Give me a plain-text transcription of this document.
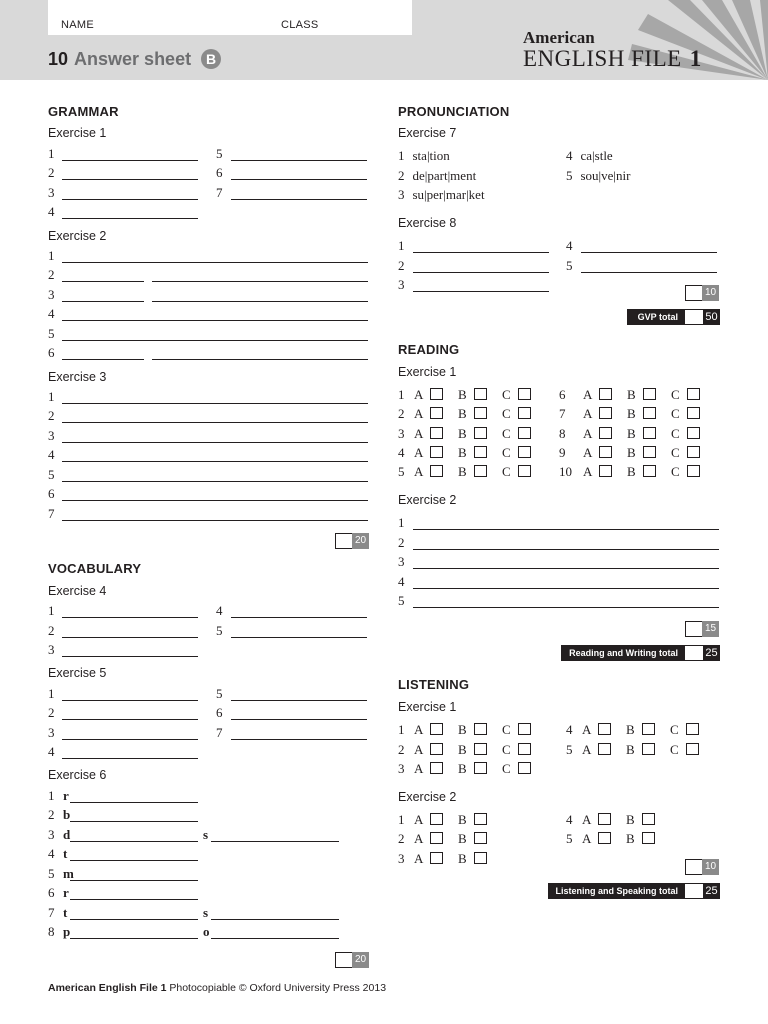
NAME	CLASS
10 Answer sheet B
American
ENGLISH FILE 1
GRAMMAR
Exercise 1
1
2
3
4
5
6
7
Exercise 2
1
2
3
4
5
6
Exercise 3
1
2
3
4
5
6
7
20
VOCABULARY
Exercise 4
1
2
3
4
5
Exercise 5
1
2
3
4
5
6
7
Exercise 6
1 r
2 b
3 d	s
4 t
5 m
6 r
7 t	s
8 p	o
20
PRONUNCIATION
Exercise 7
1 sta|tion
2 de|part|ment
3 su|per|mar|ket
4 ca|stle
5 sou|ve|nir
Exercise 8
1
2
3
4
5
10
GVP total 50
READING
Exercise 1
1 A	B	C
2 A	B	C
3 A	B	C
4 A	B	C
5 A	B	C
6 A	B	C
7 A	B	C
8 A	B	C
9 A	B	C
10 A	B	C
Exercise 2
1
2
3
4
5
15
Reading and Writing total 25
LISTENING
Exercise 1
1 A	B	C
2 A	B	C
3 A	B	C
4 A	B	C
5 A	B	C
Exercise 2
1 A	B
2 A	B
3 A	B
4 A	B
5 A	B
10
Listening and Speaking total 25
American English File 1 Photocopiable © Oxford University Press 2013
